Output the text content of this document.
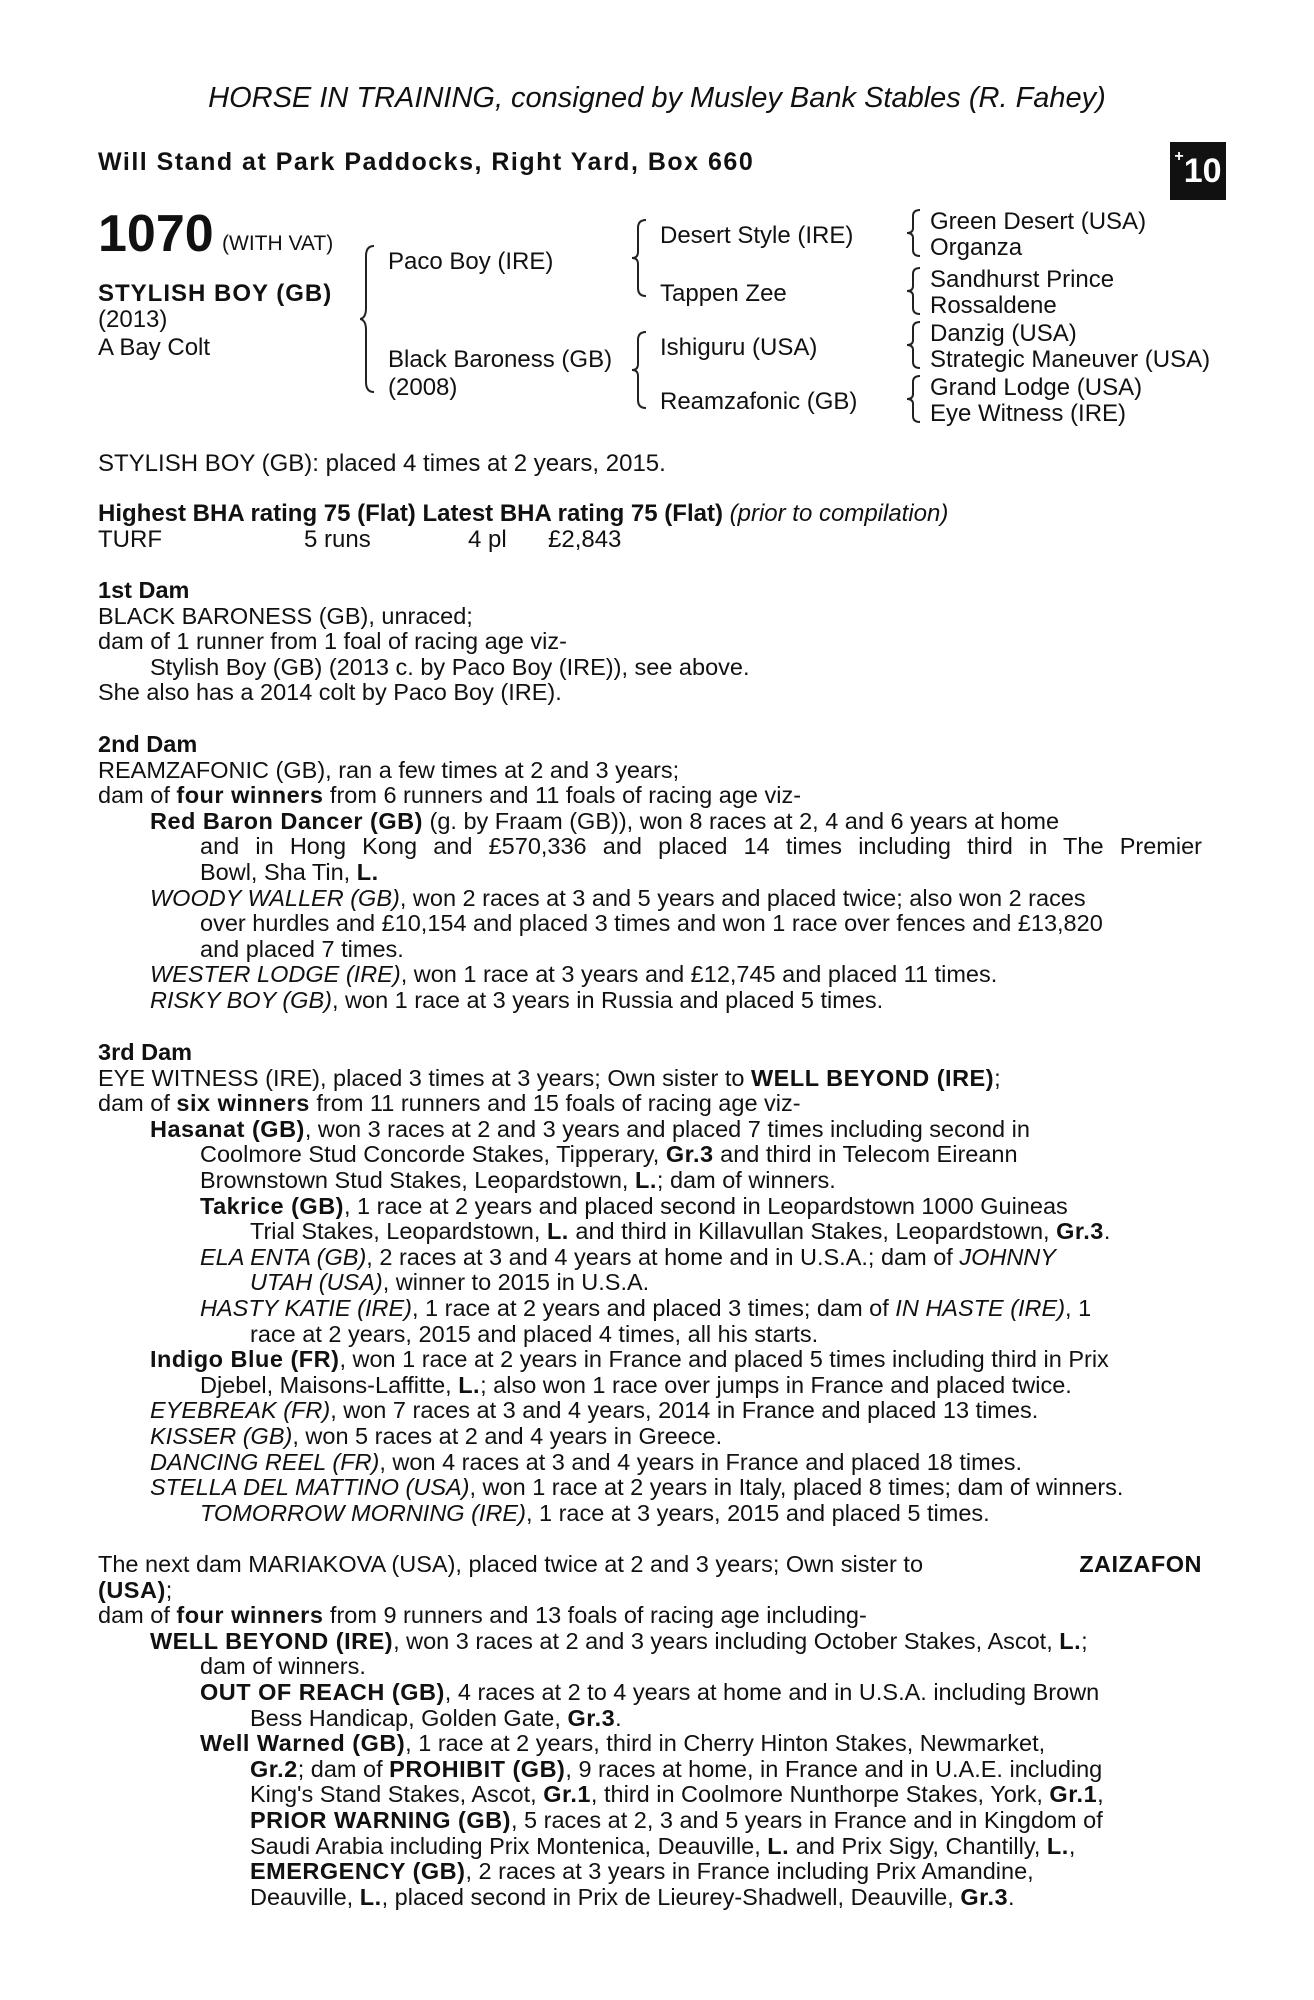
HORSE IN TRAINING, consigned by Musley Bank Stables (R. Fahey)
Will Stand at Park Paddocks, Right Yard, Box 660	+10
1070 (WITH VAT)
STYLISH BOY (GB)
(2013)
A Bay Colt
Paco Boy (IRE)
Black Baroness (GB)
(2008)
Desert Style (IRE)
Tappen Zee
Ishiguru (USA)
Reamzafonic (GB)
Green Desert (USA)
Organza
Sandhurst Prince
Rossaldene
Danzig (USA)
Strategic Maneuver (USA)
Grand Lodge (USA)
Eye Witness (IRE)
STYLISH BOY (GB): placed 4 times at 2 years, 2015.
Highest BHA rating 75 (Flat) Latest BHA rating 75 (Flat) (prior to compilation)
TURF	5 runs	4 pl £2,843

1st Dam

BLACK BARONESS (GB), unraced;

dam of 1 runner from 1 foal of racing age viz-

Stylish Boy (GB) (2013 c. by Paco Boy (IRE)), see above.

She also has a 2014 colt by Paco Boy (IRE).

2nd Dam

REAMZAFONIC (GB), ran a few times at 2 and 3 years;

dam of four winners from 6 runners and 11 foals of racing age viz-

Red Baron Dancer (GB) (g. by Fraam (GB)), won 8 races at 2, 4 and 6 years at home

and in Hong Kong and £570,336 and placed 14 times including third in The Premier

Bowl, Sha Tin, L.

WOODY WALLER (GB), won 2 races at 3 and 5 years and placed twice; also won 2 races

over hurdles and £10,154 and placed 3 times and won 1 race over fences and £13,820

and placed 7 times.

WESTER LODGE (IRE), won 1 race at 3 years and £12,745 and placed 11 times.

RISKY BOY (GB), won 1 race at 3 years in Russia and placed 5 times.

3rd Dam

EYE WITNESS (IRE), placed 3 times at 3 years; Own sister to WELL BEYOND (IRE);

dam of six winners from 11 runners and 15 foals of racing age viz-

Hasanat (GB), won 3 races at 2 and 3 years and placed 7 times including second in

Coolmore Stud Concorde Stakes, Tipperary, Gr.3 and third in Telecom Eireann

Brownstown Stud Stakes, Leopardstown, L.; dam of winners.

Takrice (GB), 1 race at 2 years and placed second in Leopardstown 1000 Guineas

Trial Stakes, Leopardstown, L. and third in Killavullan Stakes, Leopardstown, Gr.3.

ELA ENTA (GB), 2 races at 3 and 4 years at home and in U.S.A.; dam of JOHNNY

UTAH (USA), winner to 2015 in U.S.A.

HASTY KATIE (IRE), 1 race at 2 years and placed 3 times; dam of IN HASTE (IRE), 1

race at 2 years, 2015 and placed 4 times, all his starts.

Indigo Blue (FR), won 1 race at 2 years in France and placed 5 times including third in Prix

Djebel, Maisons-Laffitte, L.; also won 1 race over jumps in France and placed twice.

EYEBREAK (FR), won 7 races at 3 and 4 years, 2014 in France and placed 13 times.

KISSER (GB), won 5 races at 2 and 4 years in Greece.

DANCING REEL (FR), won 4 races at 3 and 4 years in France and placed 18 times.

STELLA DEL MATTINO (USA), won 1 race at 2 years in Italy, placed 8 times; dam of winners.

TOMORROW MORNING (IRE), 1 race at 3 years, 2015 and placed 5 times.

The next dam MARIAKOVA (USA), placed twice at 2 and 3 years; Own sister to	ZAIZAFON

(USA);

dam of four winners from 9 runners and 13 foals of racing age including-

WELL BEYOND (IRE), won 3 races at 2 and 3 years including October Stakes, Ascot, L.;

dam of winners.

OUT OF REACH (GB), 4 races at 2 to 4 years at home and in U.S.A. including Brown

Bess Handicap, Golden Gate, Gr.3.

Well Warned (GB), 1 race at 2 years, third in Cherry Hinton Stakes, Newmarket,

Gr.2; dam of PROHIBIT (GB), 9 races at home, in France and in U.A.E. including

King's Stand Stakes, Ascot, Gr.1, third in Coolmore Nunthorpe Stakes, York, Gr.1,

PRIOR WARNING (GB), 5 races at 2, 3 and 5 years in France and in Kingdom of

Saudi Arabia including Prix Montenica, Deauville, L. and Prix Sigy, Chantilly, L.,

EMERGENCY (GB), 2 races at 3 years in France including Prix Amandine,

Deauville, L., placed second in Prix de Lieurey-Shadwell, Deauville, Gr.3.
